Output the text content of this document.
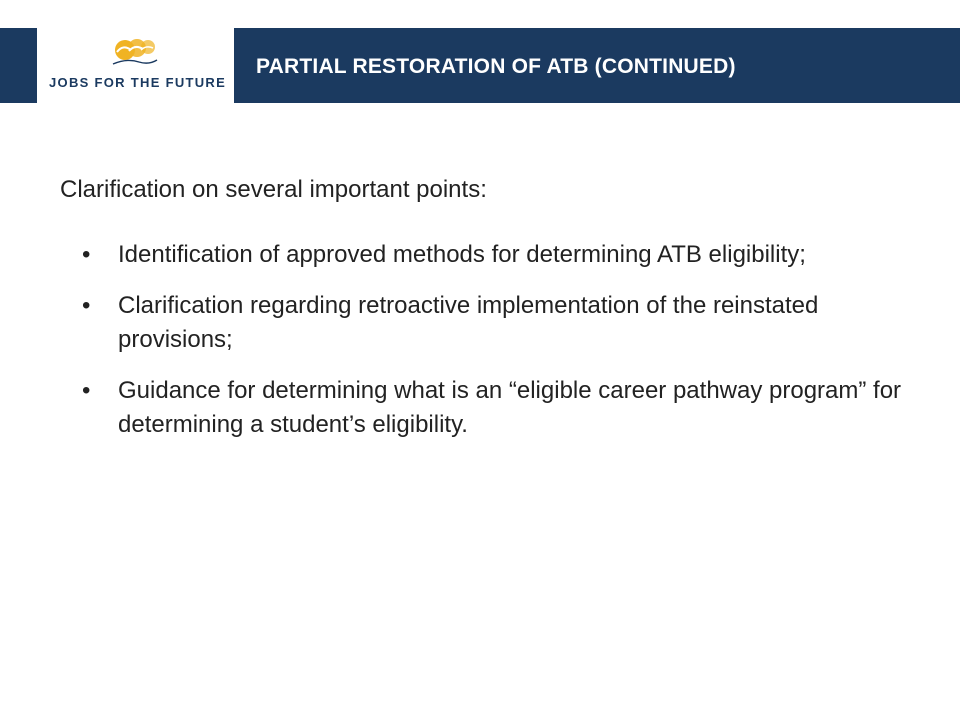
JOBS FOR THE FUTURE
PARTIAL RESTORATION OF ATB (CONTINUED)
Clarification on several important points:
• Identification of approved methods for determining ATB eligibility;
• Clarification regarding retroactive implementation of the reinstated provisions;
• Guidance for determining what is an “eligible career pathway program” for determining a student’s eligibility.
